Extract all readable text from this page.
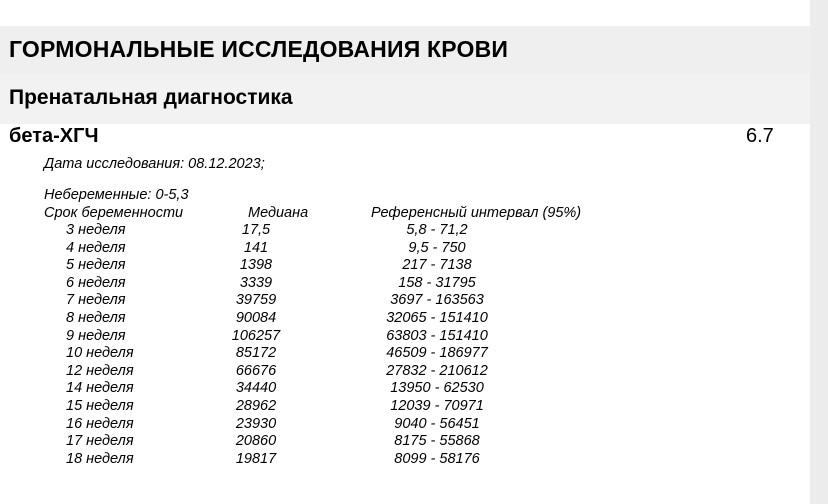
ГОРМОНАЛЬНЫЕ ИССЛЕДОВАНИЯ КРОВИ
Пренатальная диагностика
бета-ХГЧ	6.7
Дата исследования: 08.12.2023;
Небеременные: 0-5,3
Срок беременности	Медиана	Референсный интервал (95%)
3 неделя	17,5	5,8 - 71,2
4 неделя	141	9,5 - 750
5 неделя	1398	217 - 7138
6 неделя	3339	158 - 31795
7 неделя	39759	3697 - 163563
8 неделя	90084	32065 - 151410
9 неделя	106257	63803 - 151410
10 неделя	85172	46509 - 186977
12 неделя	66676	27832 - 210612
14 неделя	34440	13950 - 62530
15 неделя	28962	12039 - 70971
16 неделя	23930	9040 - 56451
17 неделя	20860	8175 - 55868
18 неделя	19817	8099 - 58176
